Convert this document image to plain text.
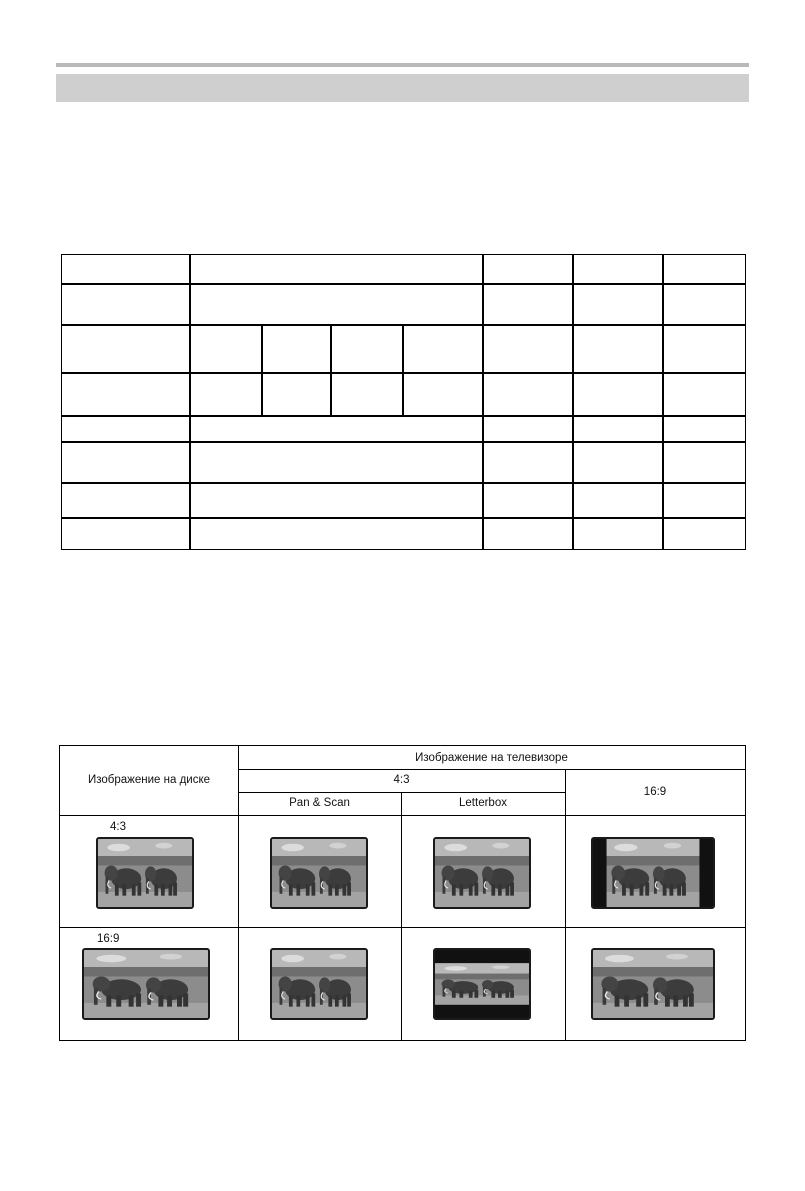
Изображение на диске
Изображение на телевизоре
4:3
16:9
Pan & Scan	Letterbox
4:3
16:9
